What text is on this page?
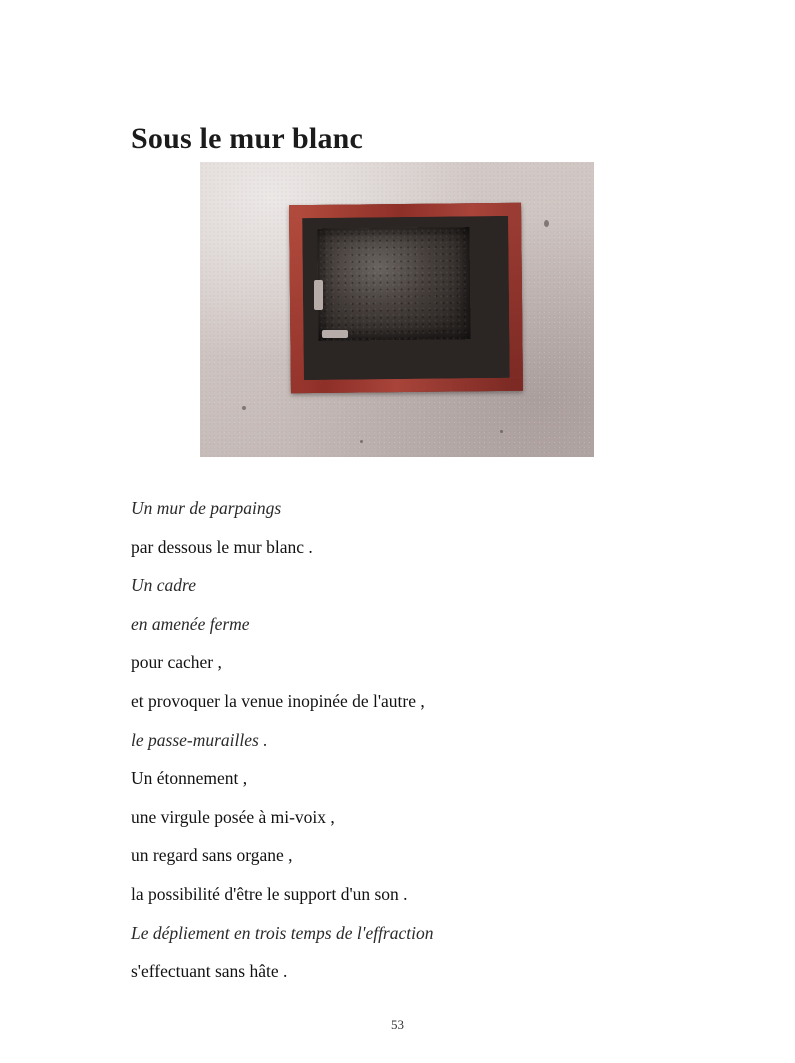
Sous le mur blanc
Un mur de parpaings
par dessous le mur blanc .
Un cadre
en amenée ferme
pour cacher ,
et provoquer la venue inopinée de l'autre ,
le passe-murailles .
Un étonnement ,
une virgule posée à mi-voix ,
un regard sans organe ,
la possibilité d'être le support d'un son .
Le dépliement en trois temps de l'effraction
s'effectuant sans hâte .
53
